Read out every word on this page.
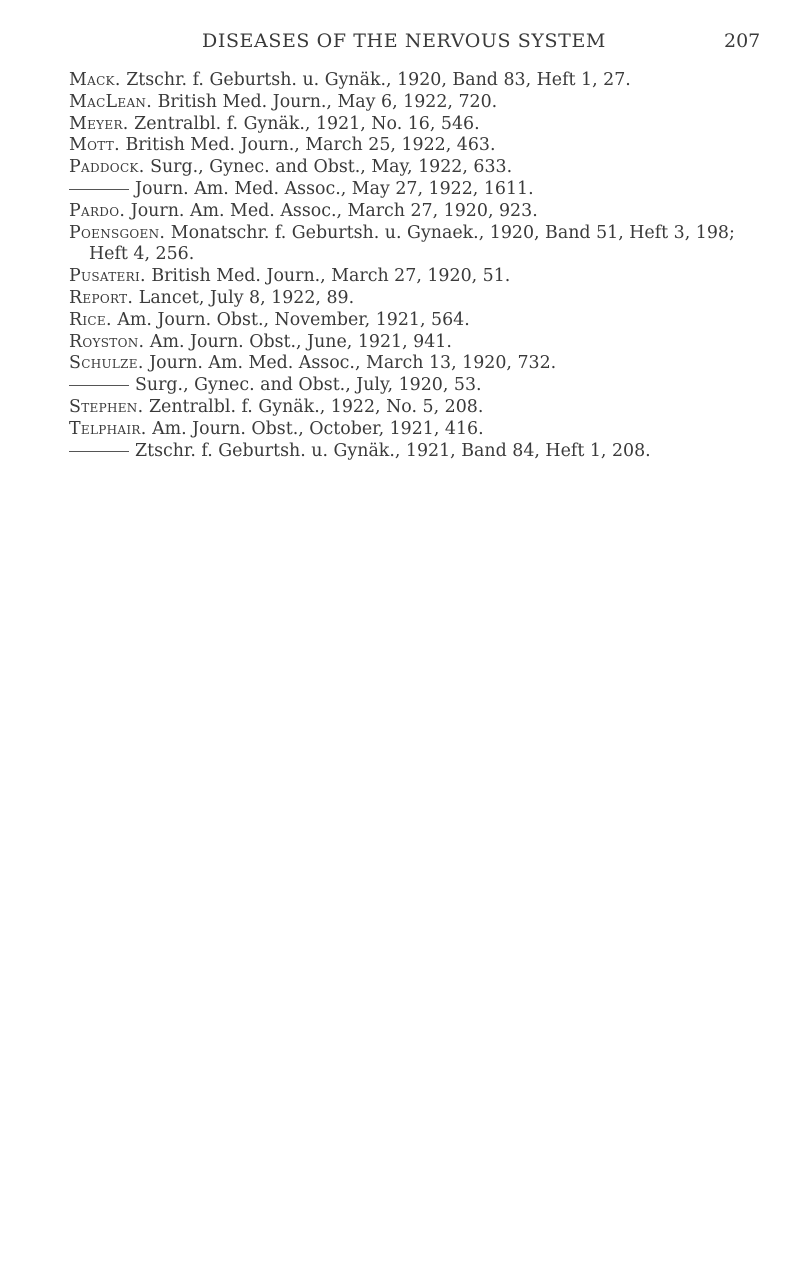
DISEASES OF THE NERVOUS SYSTEM	207
Mack. Ztschr. f. Geburtsh. u. Gynäk., 1920, Band 83, Heft 1, 27.
MacLean. British Med. Journ., May 6, 1922, 720.
Meyer. Zentralbl. f. Gynäk., 1921, No. 16, 546.
Mott. British Med. Journ., March 25, 1922, 463.
Paddock. Surg., Gynec. and Obst., May, 1922, 633.
Journ. Am. Med. Assoc., May 27, 1922, 1611.
Pardo. Journ. Am. Med. Assoc., March 27, 1920, 923.
Poensgoen. Monatschr. f. Geburtsh. u. Gynaek., 1920, Band 51, Heft 3, 198; Heft 4, 256.
Pusateri. British Med. Journ., March 27, 1920, 51.
Report. Lancet, July 8, 1922, 89.
Rice. Am. Journ. Obst., November, 1921, 564.
Royston. Am. Journ. Obst., June, 1921, 941.
Schulze. Journ. Am. Med. Assoc., March 13, 1920, 732.
Surg., Gynec. and Obst., July, 1920, 53.
Stephen. Zentralbl. f. Gynäk., 1922, No. 5, 208.
Telphair. Am. Journ. Obst., October, 1921, 416.
Ztschr. f. Geburtsh. u. Gynäk., 1921, Band 84, Heft 1, 208.
